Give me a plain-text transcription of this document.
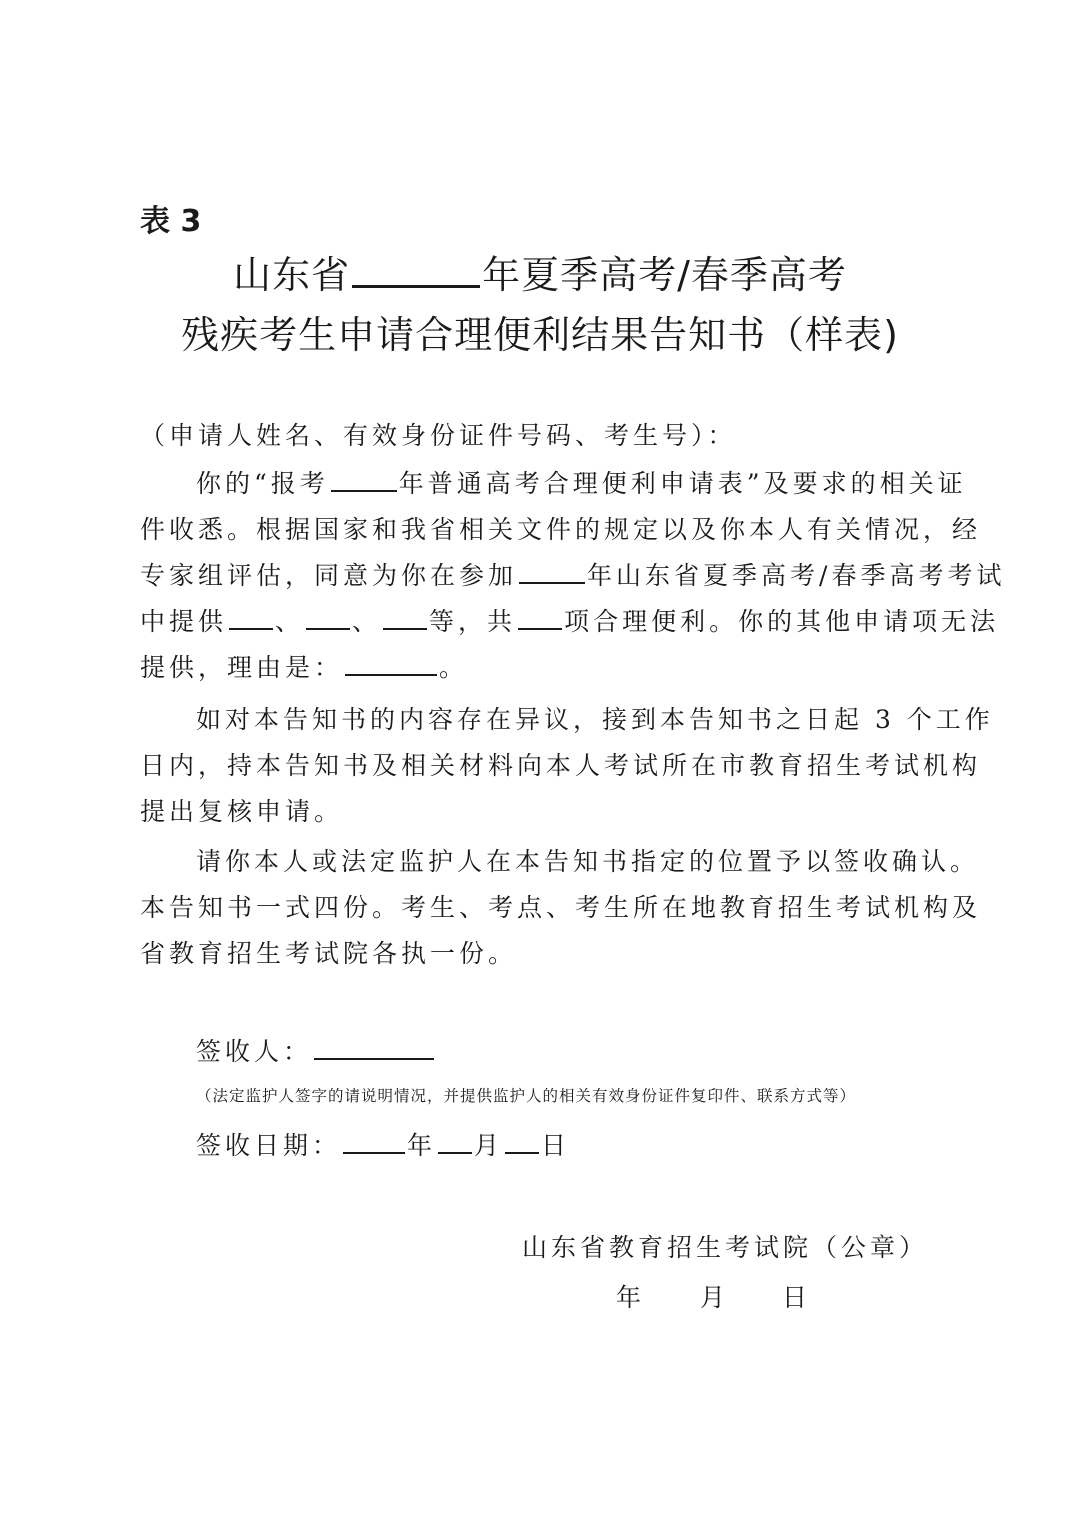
表 3
山东省	年夏季高考/春季高考
残疾考生申请合理便利结果告知书（样表)
（申请人姓名、有效身份证件号码、考生号）：
你的“报考	年普通高考合理便利申请表”及要求的相关证
件收悉。根据国家和我省相关文件的规定以及你本人有关情况，经
专家组评估，同意为你在参加	年山东省夏季高考/春季高考考试
中提供 、 、 等，共 项合理便利。你的其他申请项无法
提供，理由是：	。
如对本告知书的内容存在异议，接到本告知书之日起 3 个工作
日内，持本告知书及相关材料向本人考试所在市教育招生考试机构
提出复核申请。
请你本人或法定监护人在本告知书指定的位置予以签收确认。
本告知书一式四份。考生、考点、考生所在地教育招生考试机构及
省教育招生考试院各执一份。
签收人：
（法定监护人签字的请说明情况，并提供监护人的相关有效身份证件复印件、联系方式等）
签收日期：	年 月 日
山东省教育招生考试院（公章）
年 月 日
